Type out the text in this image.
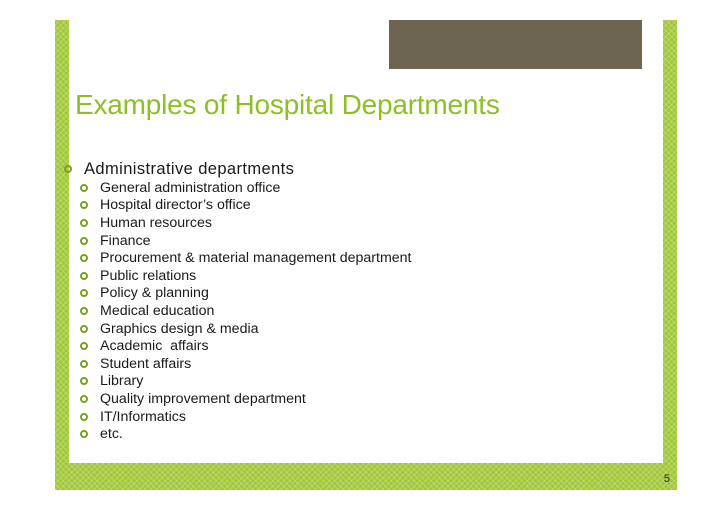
Examples of Hospital Departments
Administrative departments
General administration office
Hospital director’s office
Human resources
Finance
Procurement & material management department
Public relations
Policy & planning
Medical education
Graphics design & media
Academic  affairs
Student affairs
Library
Quality improvement department
IT/Informatics
etc.
5
